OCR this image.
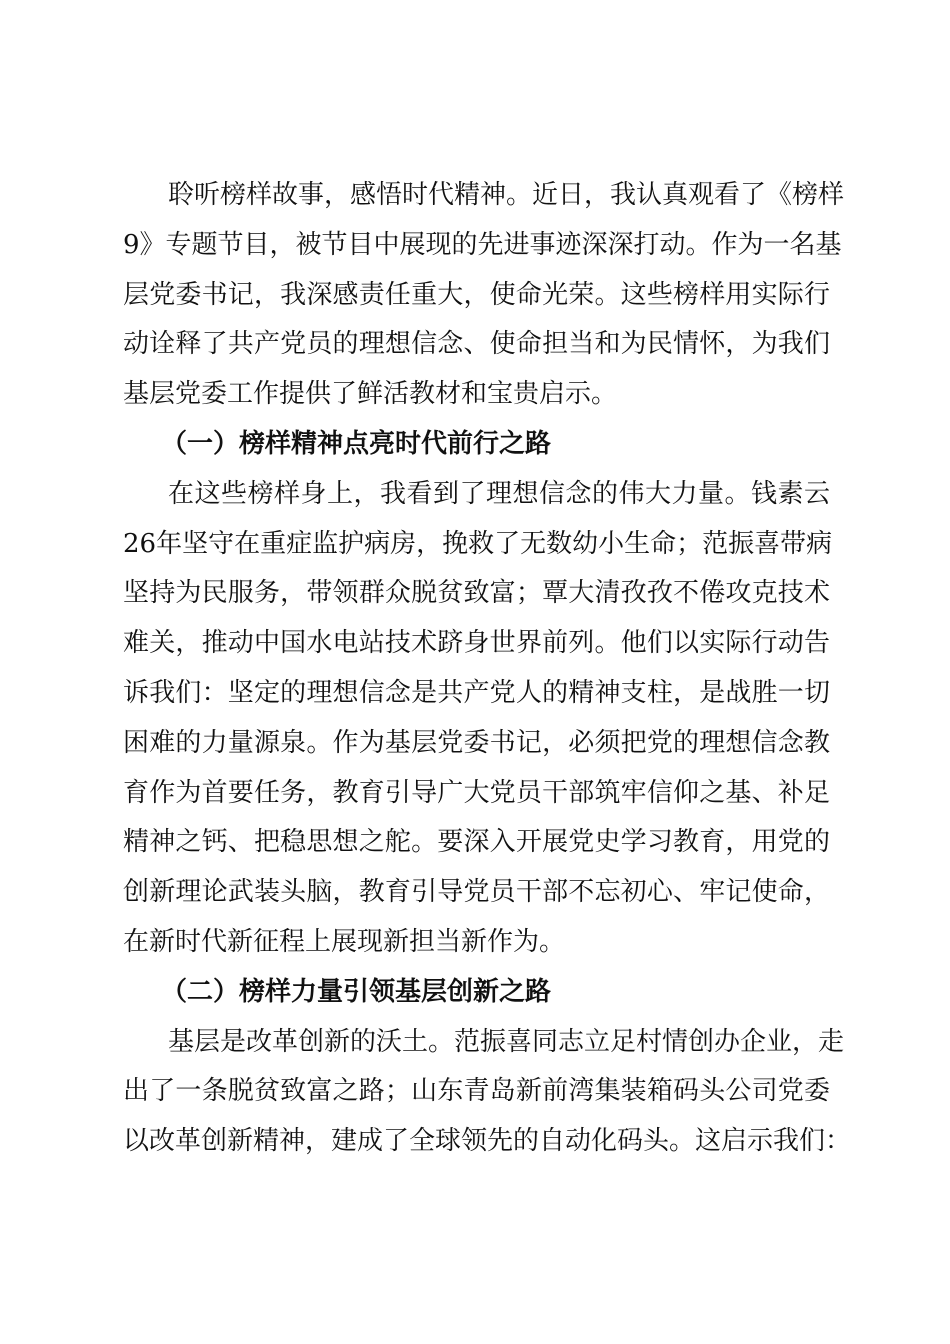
聆听榜样故事，感悟时代精神。近日，我认真观看了《榜样
9》专题节目，被节目中展现的先进事迹深深打动。作为一名基
层党委书记，我深感责任重大，使命光荣。这些榜样用实际行
动诠释了共产党员的理想信念、使命担当和为民情怀，为我们
基层党委工作提供了鲜活教材和宝贵启示。
（一）榜样精神点亮时代前行之路
在这些榜样身上，我看到了理想信念的伟大力量。钱素云
26年坚守在重症监护病房，挽救了无数幼小生命；范振喜带病
坚持为民服务，带领群众脱贫致富；覃大清孜孜不倦攻克技术
难关，推动中国水电站技术跻身世界前列。他们以实际行动告
诉我们：坚定的理想信念是共产党人的精神支柱，是战胜一切
困难的力量源泉。作为基层党委书记，必须把党的理想信念教
育作为首要任务，教育引导广大党员干部筑牢信仰之基、补足
精神之钙、把稳思想之舵。要深入开展党史学习教育，用党的
创新理论武装头脑，教育引导党员干部不忘初心、牢记使命，
在新时代新征程上展现新担当新作为。
（二）榜样力量引领基层创新之路
基层是改革创新的沃土。范振喜同志立足村情创办企业，走
出了一条脱贫致富之路；山东青岛新前湾集装箱码头公司党委
以改革创新精神，建成了全球领先的自动化码头。这启示我们：
